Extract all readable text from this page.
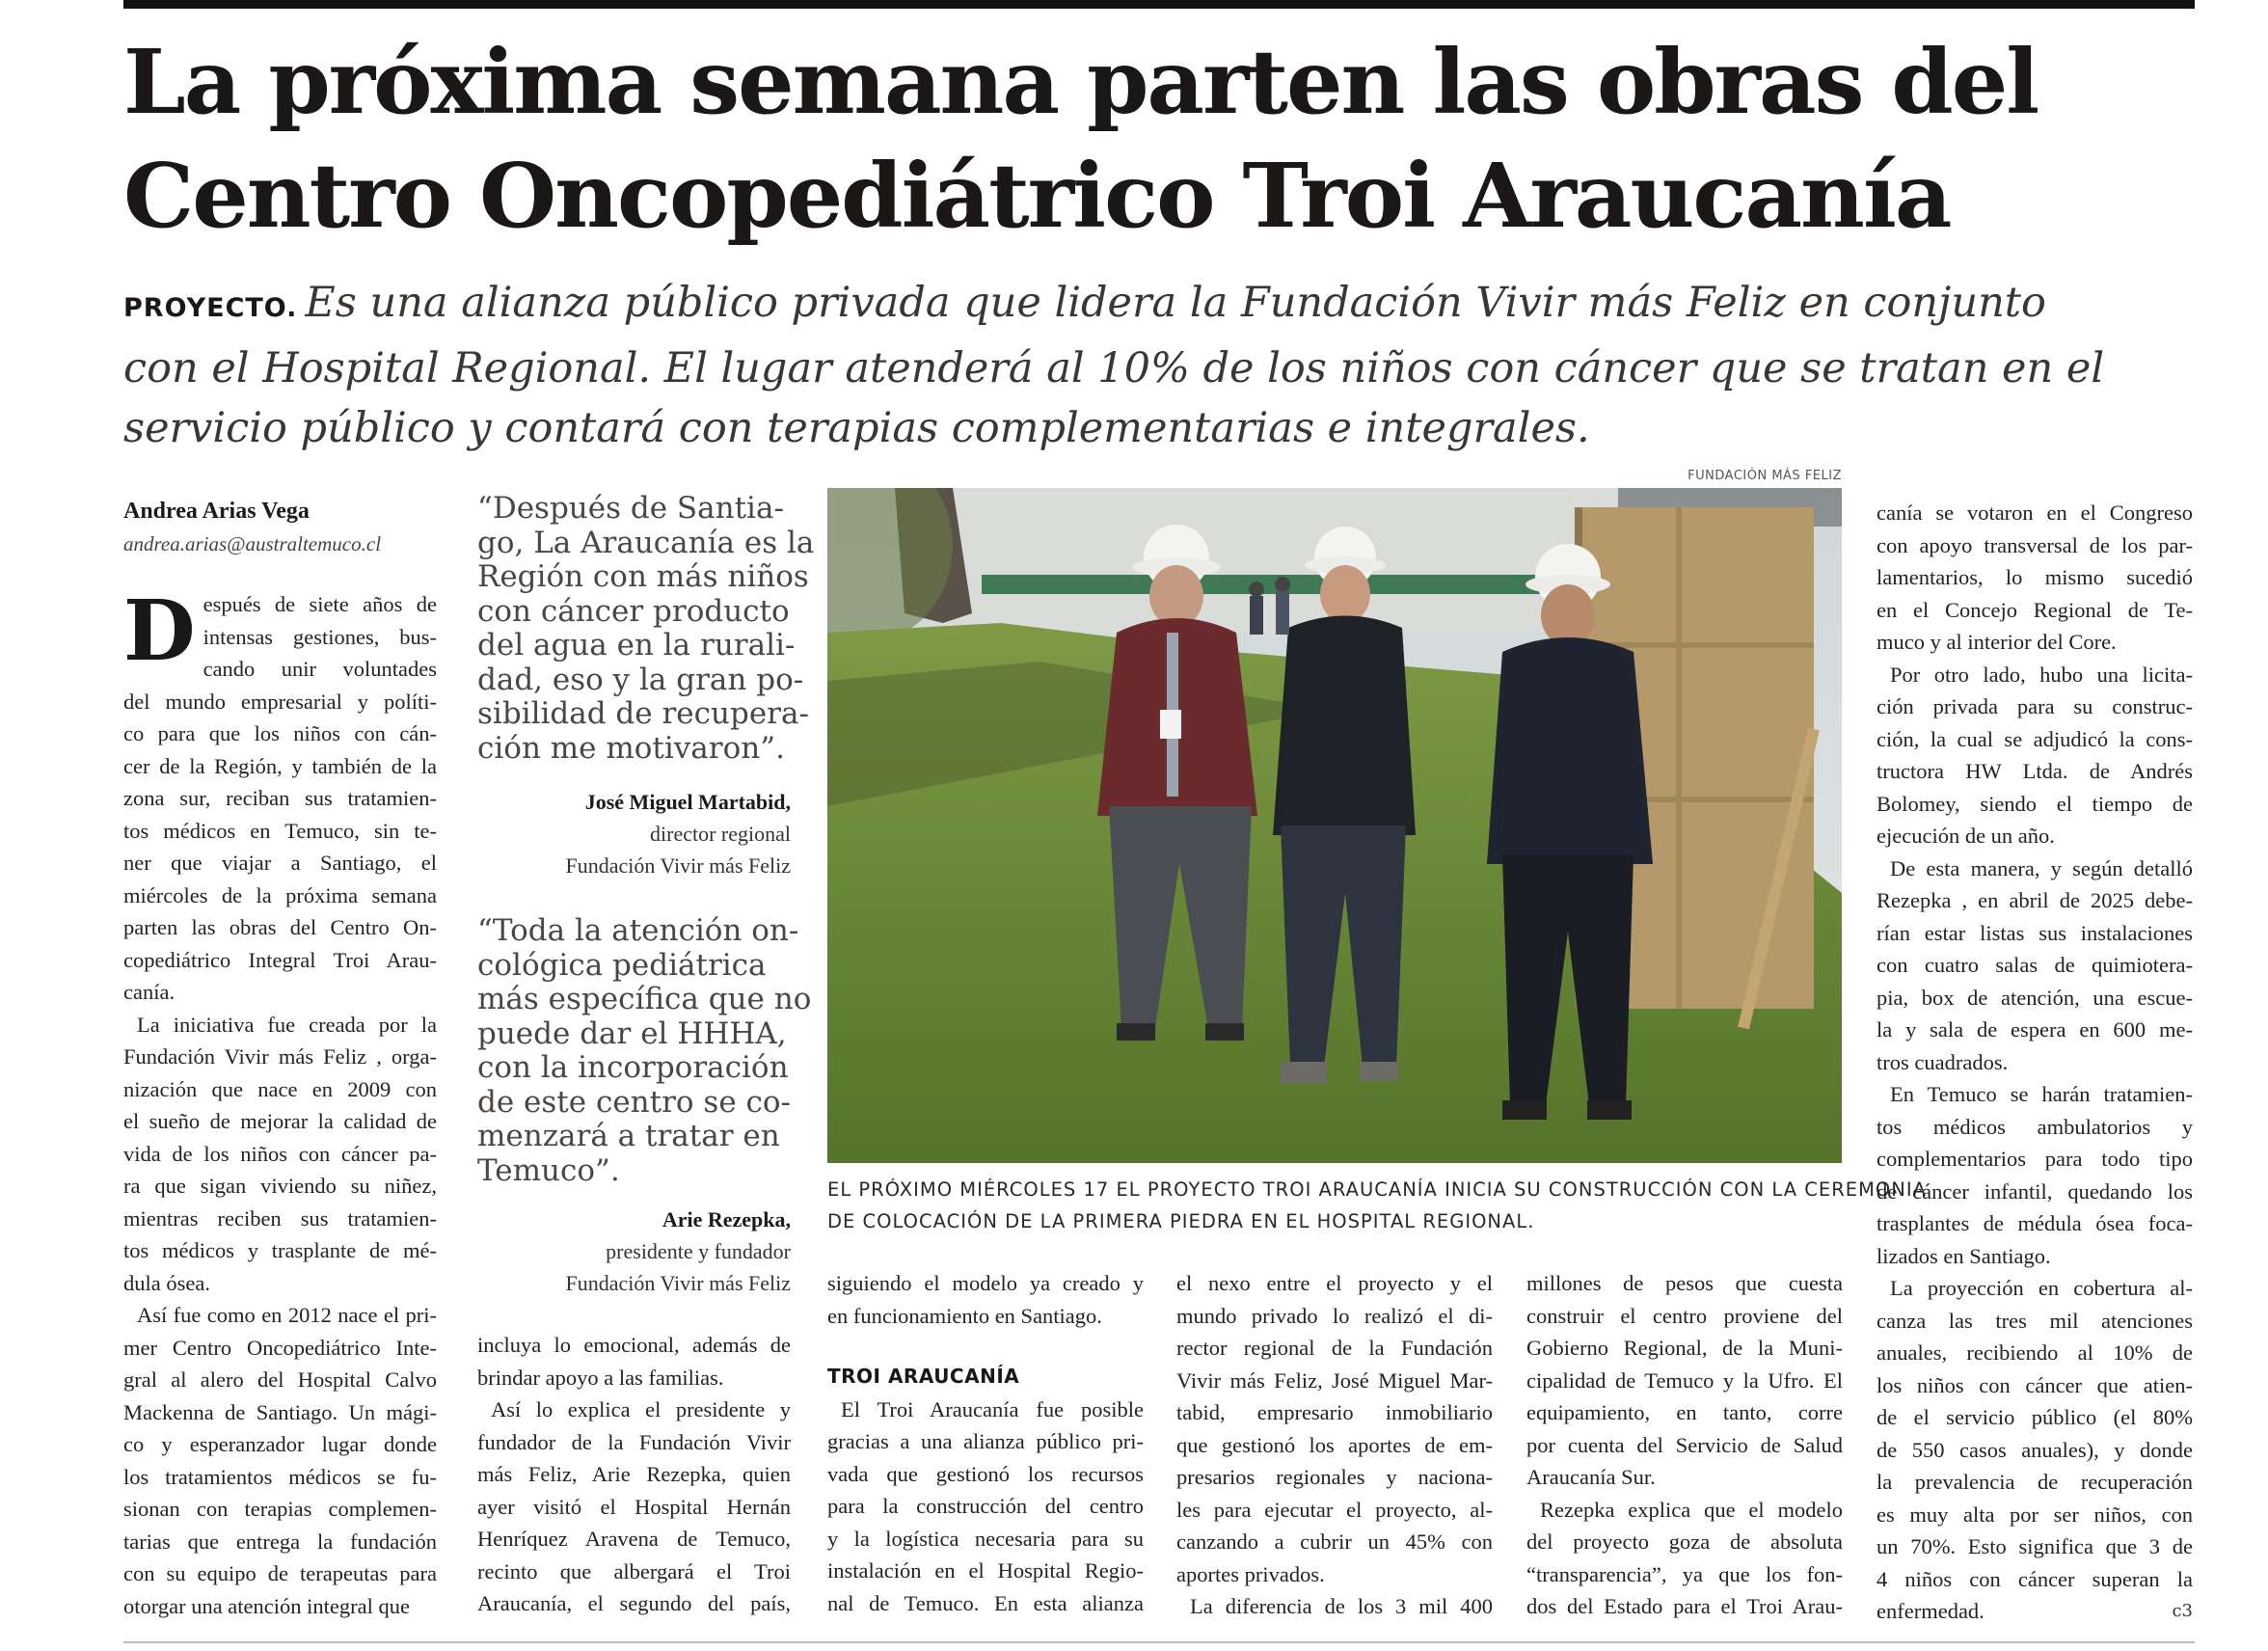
La próxima semana parten las obras del
Centro Oncopediátrico Troi Araucanía
PROYECTO. Es una alianza público privada que lidera la Fundación Vivir más Feliz en conjunto
con el Hospital Regional. El lugar atenderá al 10% de los niños con cáncer que se tratan en el
servicio público y contará con terapias complementarias e integrales.
Andrea Arias Vega
andrea.arias@australtemuco.cl
D espués de siete años de
intensas gestiones, bus-
cando unir voluntades
del mundo empresarial y políti-
co para que los niños con cán-
cer de la Región, y también de la
zona sur, reciban sus tratamien-
tos médicos en Temuco, sin te-
ner que viajar a Santiago, el
miércoles de la próxima semana
parten las obras del Centro On-
copediátrico Integral Troi Arau-
canía.
La iniciativa fue creada por la
Fundación Vivir más Feliz , orga-
nización que nace en 2009 con
el sueño de mejorar la calidad de
vida de los niños con cáncer pa-
ra que sigan viviendo su niñez,
mientras reciben sus tratamien-
tos médicos y trasplante de mé-
dula ósea.
Así fue como en 2012 nace el pri-
mer Centro Oncopediátrico Inte-
gral al alero del Hospital Calvo
Mackenna de Santiago. Un mági-
co y esperanzador lugar donde
los tratamientos médicos se fu-
sionan con terapias complemen-
tarias que entrega la fundación
con su equipo de terapeutas para
otorgar una atención integral que
“Después de Santia-
go, La Araucanía es la
Región con más niños
con cáncer producto
del agua en la rurali-
dad, eso y la gran po-
sibilidad de recupera-
ción me motivaron”.
José Miguel Martabid,
director regional
Fundación Vivir más Feliz
“Toda la atención on-
cológica pediátrica
más específica que no
puede dar el HHHA,
con la incorporación
de este centro se co-
menzará a tratar en
Temuco”.
Arie Rezepka,
presidente y fundador
Fundación Vivir más Feliz
incluya lo emocional, además de
brindar apoyo a las familias.
Así lo explica el presidente y
fundador de la Fundación Vivir
más Feliz, Arie Rezepka, quien
ayer visitó el Hospital Hernán
Henríquez Aravena de Temuco,
recinto que albergará el Troi
Araucanía, el segundo del país,
FUNDACIÓN MÁS FELIZ
EL PRÓXIMO MIÉRCOLES 17 EL PROYECTO TROI ARAUCANÍA INICIA SU CONSTRUCCIÓN CON LA CEREMONIA
DE COLOCACIÓN DE LA PRIMERA PIEDRA EN EL HOSPITAL REGIONAL.
siguiendo el modelo ya creado y
en funcionamiento en Santiago.
TROI ARAUCANÍA
El Troi Araucanía fue posible
gracias a una alianza público pri-
vada que gestionó los recursos
para la construcción del centro
y la logística necesaria para su
instalación en el Hospital Regio-
nal de Temuco. En esta alianza
el nexo entre el proyecto y el
mundo privado lo realizó el di-
rector regional de la Fundación
Vivir más Feliz, José Miguel Mar-
tabid, empresario inmobiliario
que gestionó los aportes de em-
presarios regionales y naciona-
les para ejecutar el proyecto, al-
canzando a cubrir un 45% con
aportes privados.
La diferencia de los 3 mil 400
millones de pesos que cuesta
construir el centro proviene del
Gobierno Regional, de la Muni-
cipalidad de Temuco y la Ufro. El
equipamiento, en tanto, corre
por cuenta del Servicio de Salud
Araucanía Sur.
Rezepka explica que el modelo
del proyecto goza de absoluta
“transparencia”, ya que los fon-
dos del Estado para el Troi Arau-
canía se votaron en el Congreso
con apoyo transversal de los par-
lamentarios, lo mismo sucedió
en el Concejo Regional de Te-
muco y al interior del Core.
Por otro lado, hubo una licita-
ción privada para su construc-
ción, la cual se adjudicó la cons-
tructora HW Ltda. de Andrés
Bolomey, siendo el tiempo de
ejecución de un año.
De esta manera, y según detalló
Rezepka , en abril de 2025 debe-
rían estar listas sus instalaciones
con cuatro salas de quimiotera-
pia, box de atención, una escue-
la y sala de espera en 600 me-
tros cuadrados.
En Temuco se harán tratamien-
tos médicos ambulatorios y
complementarios para todo tipo
de cáncer infantil, quedando los
trasplantes de médula ósea foca-
lizados en Santiago.
La proyección en cobertura al-
canza las tres mil atenciones
anuales, recibiendo al 10% de
los niños con cáncer que atien-
de el servicio público (el 80%
de 550 casos anuales), y donde
la prevalencia de recuperación
es muy alta por ser niños, con
un 70%. Esto significa que 3 de
4 niños con cáncer superan la
enfermedad.	c3
